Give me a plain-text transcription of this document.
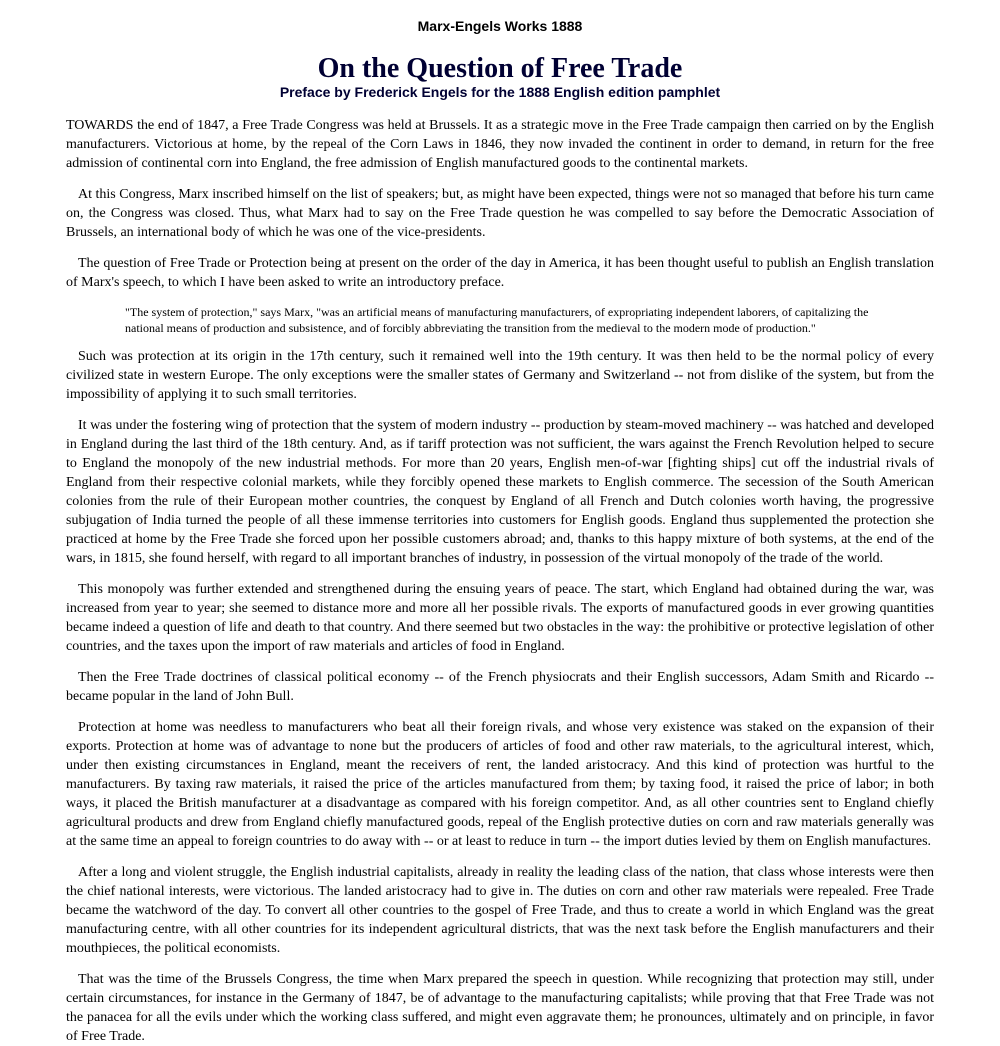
Marx-Engels Works 1888
On the Question of Free Trade
Preface by Frederick Engels for the 1888 English edition pamphlet

TOWARDS the end of 1847, a Free Trade Congress was held at Brussels. It as a strategic move in the Free Trade campaign then carried on by the English manufacturers. Victorious at home, by the repeal of the Corn Laws in 1846, they now invaded the continent in order to demand, in return for the free admission of continental corn into England, the free admission of English manufactured goods to the continental markets.

At this Congress, Marx inscribed himself on the list of speakers; but, as might have been expected, things were not so managed that before his turn came on, the Congress was closed. Thus, what Marx had to say on the Free Trade question he was compelled to say before the Democratic Association of Brussels, an international body of which he was one of the vice-presidents.

The question of Free Trade or Protection being at present on the order of the day in America, it has been thought useful to publish an English translation of Marx's speech, to which I have been asked to write an introductory preface.

"The system of protection," says Marx, "was an artificial means of manufacturing manufacturers, of expropriating independent laborers, of capitalizing the national means of production and subsistence, and of forcibly abbreviating the transition from the medieval to the modern mode of production."

Such was protection at its origin in the 17th century, such it remained well into the 19th century. It was then held to be the normal policy of every civilized state in western Europe. The only exceptions were the smaller states of Germany and Switzerland -- not from dislike of the system, but from the impossibility of applying it to such small territories.

It was under the fostering wing of protection that the system of modern industry -- production by steam-moved machinery -- was hatched and developed in England during the last third of the 18th century. And, as if tariff protection was not sufficient, the wars against the French Revolution helped to secure to England the monopoly of the new industrial methods. For more than 20 years, English men-of-war [fighting ships] cut off the industrial rivals of England from their respective colonial markets, while they forcibly opened these markets to English commerce. The secession of the South American colonies from the rule of their European mother countries, the conquest by England of all French and Dutch colonies worth having, the progressive subjugation of India turned the people of all these immense territories into customers for English goods. England thus supplemented the protection she practiced at home by the Free Trade she forced upon her possible customers abroad; and, thanks to this happy mixture of both systems, at the end of the wars, in 1815, she found herself, with regard to all important branches of industry, in possession of the virtual monopoly of the trade of the world.

This monopoly was further extended and strengthened during the ensuing years of peace. The start, which England had obtained during the war, was increased from year to year; she seemed to distance more and more all her possible rivals. The exports of manufactured goods in ever growing quantities became indeed a question of life and death to that country. And there seemed but two obstacles in the way: the prohibitive or protective legislation of other countries, and the taxes upon the import of raw materials and articles of food in England.

Then the Free Trade doctrines of classical political economy -- of the French physiocrats and their English successors, Adam Smith and Ricardo -- became popular in the land of John Bull.

Protection at home was needless to manufacturers who beat all their foreign rivals, and whose very existence was staked on the expansion of their exports. Protection at home was of advantage to none but the producers of articles of food and other raw materials, to the agricultural interest, which, under then existing circumstances in England, meant the receivers of rent, the landed aristocracy. And this kind of protection was hurtful to the manufacturers. By taxing raw materials, it raised the price of the articles manufactured from them; by taxing food, it raised the price of labor; in both ways, it placed the British manufacturer at a disadvantage as compared with his foreign competitor. And, as all other countries sent to England chiefly agricultural products and drew from England chiefly manufactured goods, repeal of the English protective duties on corn and raw materials generally was at the same time an appeal to foreign countries to do away with -- or at least to reduce in turn -- the import duties levied by them on English manufactures.

After a long and violent struggle, the English industrial capitalists, already in reality the leading class of the nation, that class whose interests were then the chief national interests, were victorious. The landed aristocracy had to give in. The duties on corn and other raw materials were repealed. Free Trade became the watchword of the day. To convert all other countries to the gospel of Free Trade, and thus to create a world in which England was the great manufacturing centre, with all other countries for its independent agricultural districts, that was the next task before the English manufacturers and their mouthpieces, the political economists.

That was the time of the Brussels Congress, the time when Marx prepared the speech in question. While recognizing that protection may still, under certain circumstances, for instance in the Germany of 1847, be of advantage to the manufacturing capitalists; while proving that that Free Trade was not the panacea for all the evils under which the working class suffered, and might even aggravate them; he pronounces, ultimately and on principle, in favor of Free Trade.
